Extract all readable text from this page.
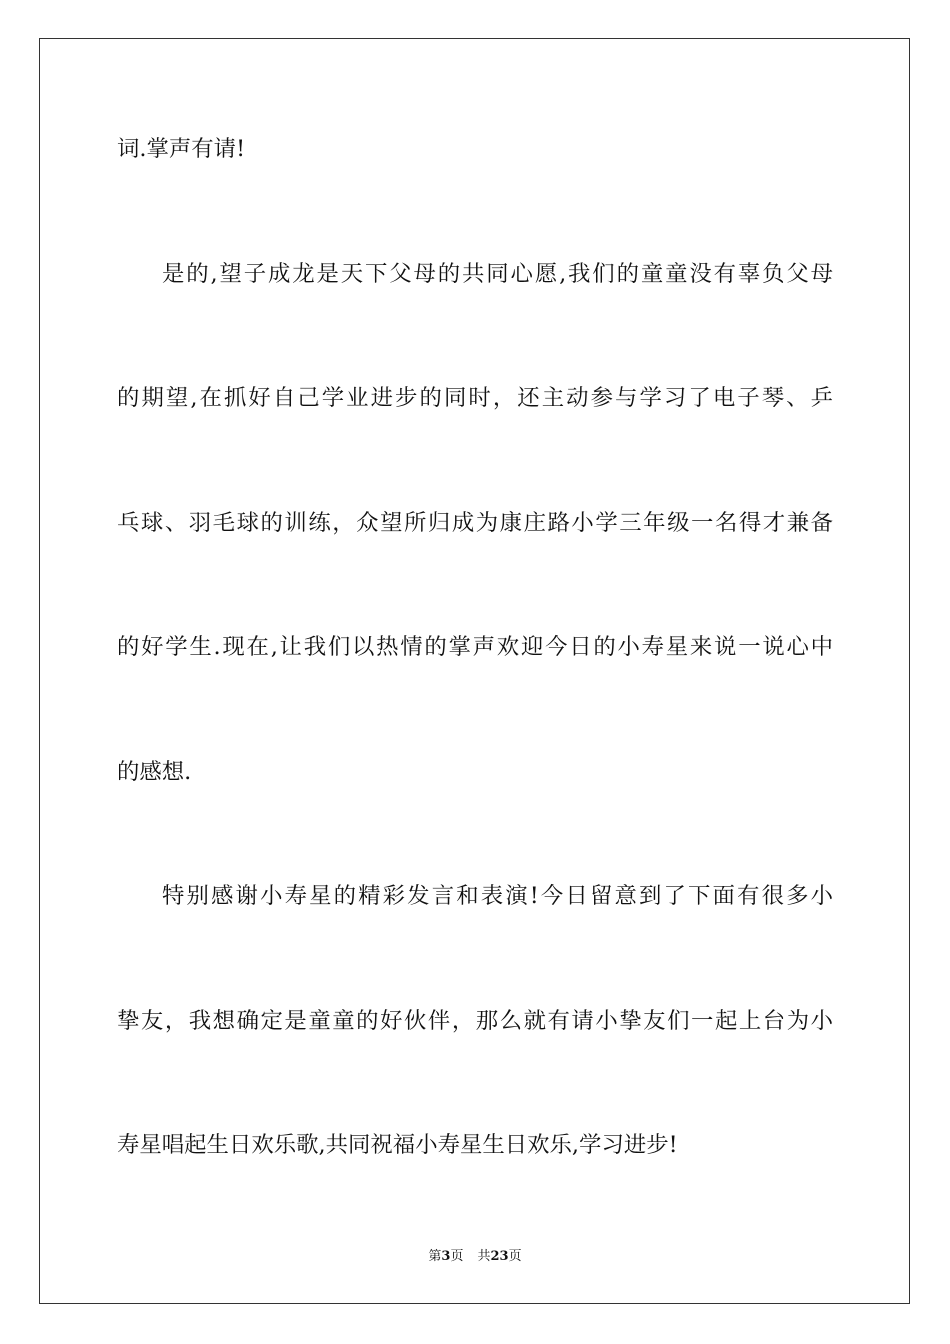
词.掌声有请!
是的,望子成龙是天下父母的共同心愿,我们的童童没有辜负父母
的期望,在抓好自己学业进步的同时，还主动参与学习了电子琴、乒
乓球、羽毛球的训练，众望所归成为康庄路小学三年级一名得才兼备
的好学生.现在,让我们以热情的掌声欢迎今日的小寿星来说一说心中
的感想.
特别感谢小寿星的精彩发言和表演!今日留意到了下面有很多小
挚友，我想确定是童童的好伙伴，那么就有请小挚友们一起上台为小
寿星唱起生日欢乐歌,共同祝福小寿星生日欢乐,学习进步!
第3页 共23页
